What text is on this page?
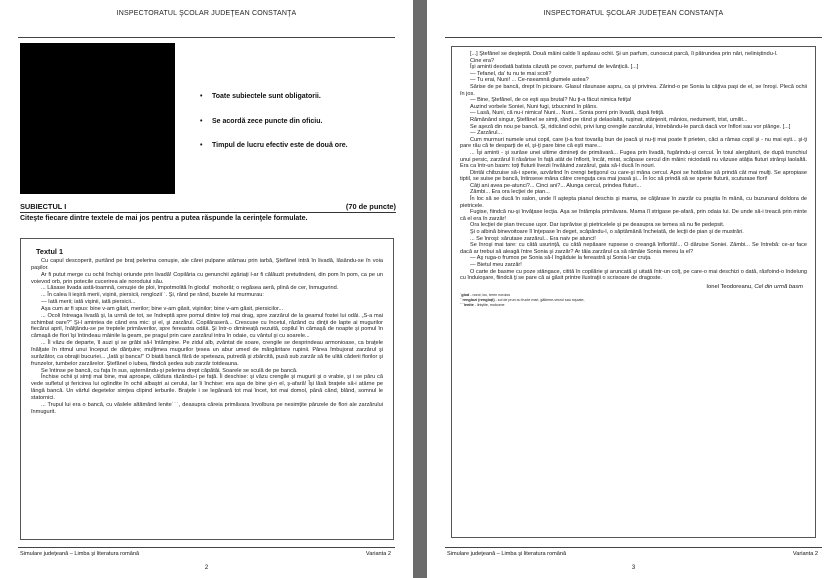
INSPECTORATUL ŞCOLAR JUDEŢEAN CONSTANŢA
• Toate subiectele sunt obligatorii.
• Se acordă zece puncte din oficiu.
• Timpul de lucru efectiv este de două ore.
SUBIECTUL I	(70 de puncte)
Citeşte fiecare dintre textele de mai jos pentru a putea răspunde la cerinţele formulate.
Textul 1

Cu capul descoperit, purtând pe braţ pelerina cenuşie, ale cărei pulpane atârnau prin iarbă, Ştefănel intră în livadă, lăsându-se în voia paşilor.

Ar fi putut merge cu ochii închişi oriunde prin livadă! Copilăria cu genunchii zgâriaţi l-ar fi călăuzit pretutindeni, din pom în pom, ca pe un voievod orb, prin potecile cucerirea ale noroduiui său.

... Lăsase livada astă-toamnă, cenuşie de ploi, împotmolită în glodul˙ mohorât; o regăsea aeră, plină de cer, înmugurind.

... În calea li ieşiră merii, vişinii, piersicii, renglozii˙˙. Şi, rând pe rând, buzele lui murmurau:

— Iată merii; iată vişinii, iată piersicii...

Aşa cum ar fi spus: bine v-am găsit, merilor; bine v-am găsit, vişinilor; bine v-am găsit, piersicilor...

... Ocoli întreaga livadă şi, la urmă de tot, se îndreptă spre pomul dintre toţi mai drag, spre zarzărul de la geamul fostei lui odăi. „S-a mai schimbat oare?” Şi-l amintea de când era mic: şi el, şi zarzărul. Copilăraseră... Crescuse cu încetul, răzând cu dinţii de lapte ai mugurilor fiecărui april, înălţându-se pe treptele primăverilor, spre fereastra odăii. Şi într-o dimineaţă nezuită, copilul în cămaşă de noapte şi pomul în cămaşă de flori îşi întindeau mâinile la geam, pe pragul prin care zarzărul intra în odaie, cu vântul şi cu soarele...

... Îl văzu de departe, îl auzi şi se grăbi să-l întâmpine. Pe zidul alb, zvântat de soare, crengile se desprindeau armonioase, ca braţele înălţate în ritmul unui început de dănţuire; mulţimea mugurilor ţesea un abur umed de mărgăritare rupinii. Pârea îmbujorat zarzărul şi surâzător, ca obrajii bucuriei... „Iată şi banca!” O biată bancă fără de speteaza, putredă şi zbârcită, pusă sub zarzăr să fie ulită căderii florilor şi frunzelor, tumbelor zarzărelor. Ştefănel o iubea, fiindcă şedea sub zarzăr totdeauna.

Se întinse pe bancă, cu faţa în sus, aşternându-şi pelerina drept căpătâi. Soarele se sculă de pe bancă.

Închise ochii şi simţi mai bine, mai aproape, căldura răzându-i pe faţă. Îi deschise: şi văzu crengile şi mugurii şi o vrabie, şi i se păru că vede sufletul şi fericirea lui oglindite în ochii albaştri ai cerului, lar îi închise: era aşa de bine şi-n el, ş-afară! Îşi lăsă braţele să-i atârne pe lângă bancă. Un vârful degetelor simţea clipind ierburile. Braţele i se legănară tot mai încet, tot mai domol, până când, blând, somnul le statornici.

... Trupul lui era o bancă, cu văslele altămând lenite˙˙˙, deasupra căreia primăvara învolbura pe nesimţite pânzele de flori ale zarzărului înmugurit.

Simulare judeţeană – Limba şi literatura română	Varianta 2
2
INSPECTORATUL ŞCOLAR JUDEŢEAN CONSTANŢA

[...] Ştefănel se deşteptă. Două mâini calde îi apăsau ochii. Şi un parfum, cunoscut parcă, îi pătrundea prin nări, neliniştindu-l.

Cine era?

Îşi aminti deodată batista căzută pe covor, parfumul de levănţică. [...]

— Tefanel, da’ tu nu te mai scoli?

— Tu erai, Nuni! ... Ce-nseamnă glumele astea?

Sărise de pe bancă, drept în picioare. Glasul răsunase aspru, ca şi privirea. Zărind-o pe Sonia la câţiva paşi de el, se înroşi. Plecă ochii în jos.

— Bine, Ştefănel, de ce eşti aşa brutal? Nu ţi-a făcut nimica fetiţa!

Auzind vorbele Soniei, Nuni fugi, izbucnind în plâns.

— Lasă, Nuni, că nu-i nimica! Nuni... Nuni... Sonia porni prin livadă, după fetiţă.

Rămânând singur, Ştefănel se simţi, rând pe rând şi delaolaltă, ruşinat, stânjenit, mânios, nedumerit, trist, umilit...

Se aşeză din nou pe bancă. Şi, ridicând ochii, privi lung crengile zarzărului, întrebându-le parcă dacă vor înflori sau vor plânge. [...]

— Zarzărul...

Cum murmuri numele unui copil, care ţi-a fost tovarăş bun de joacă şi nu-ţi mai poate fi prieten, căci a rămas copil şi - nu mai eşti... şi-ţi pare rău că te desparţi de el, şi-ţi pare bine că eşti mare...

... Îşi aminti - şi surâse unei ultime dimineţi de primăvară... Fugea prin livadă, fugărindu-şi cercul. În toiul alergăturii, de după trunchiul unui persic, zarzărul îi răsărise în faţă atât de înflorit, încât, mirat, scăpase cercul din mâini: niciodată nu văzuse atâţia fluturi strânşi laolaltă. Era ca într-un basm: toţi fluturii livezii învăluind zarzărul, gata să-l ducă în nouri.

Dintâi chibzuise să-i sperie, azvârlind în crengi beţişorul cu care-şi mâna cercul. Apoi se hotărâse să prindă cât mai mulţi. Se apropiase tiptil, se suise pe bancă, întinsese mâna către crenguţa cea mai joasă şi... În loc să prindă să se sperie fluturii, scuturase flori!

Câţi ani aveа pe-atunci?... Cinci ani?... Alunga cercul, prindea fluturi...

Zâmbi... Era ora lecţiei de pian...

În loc să se ducă în salon, unde îl aştepta pianul deschis şi mama, se căţărase în zarzăr cu praştia în mână, cu buzunarul doldora de pietricele.

Fugise, fiindcă nu-şi învăţase lecţia. Aşa se întâmpla primăvara. Mama îl strigase pe-afară, prin odaia lui. De unde să-i treacă prin minte că el era în zarzăr!

Ora lecţiei de pian trecuse uşor. Dar isprăvise şi pietricelele şi pe deasupra se temea să nu fie pedepsit.

Şi o albină binevoitoare îl înţepase în deget, scăpându-l, o săptămână încheiată, de lecţii de pian şi de mustrări.

... Se înroşi: sărutase zarzărul... Era naiv pe atunci!

Se înroşi mai tare: cu câtă usurinţă, cu câtă nepăsare rupsese o creangă înflorită!... O dăruise Soniei. Zâmbi... Se întrebă: ce-ar face dacă ar trebui să aleagă între Sonia şi zarzăr? Ar tăia zarzărul ca să rămâie Sonia mereu la el?

— Aş ruga-o frumos pe Sonia să-l îngăduie la fereastră şi Sonia l-ar cruţa.

— Bietul meu zarzăr!

O carte de basme cu poze stângace, citită în copilărie şi aruncată şi uitată într-un colţ, pe care-o mai deschizi o dată, răsfoind-o îndelung cu înduioşare, fiindcă ţi se pare că ai găsit printre ilustraţii o scrisoare de dragoste.

Ionel Teodoreanu, Cel din urmă basm
˙glod - noroi; loc, teren noroios
˙˙renglozi (rengloţi) - soi de prun cu fructe mari, gălbene-verzui sau roşcate,
˙˙˙lenite - liniştite, molcome
Simulare judeţeană – Limba şi literatura română	Varianta 2
3
